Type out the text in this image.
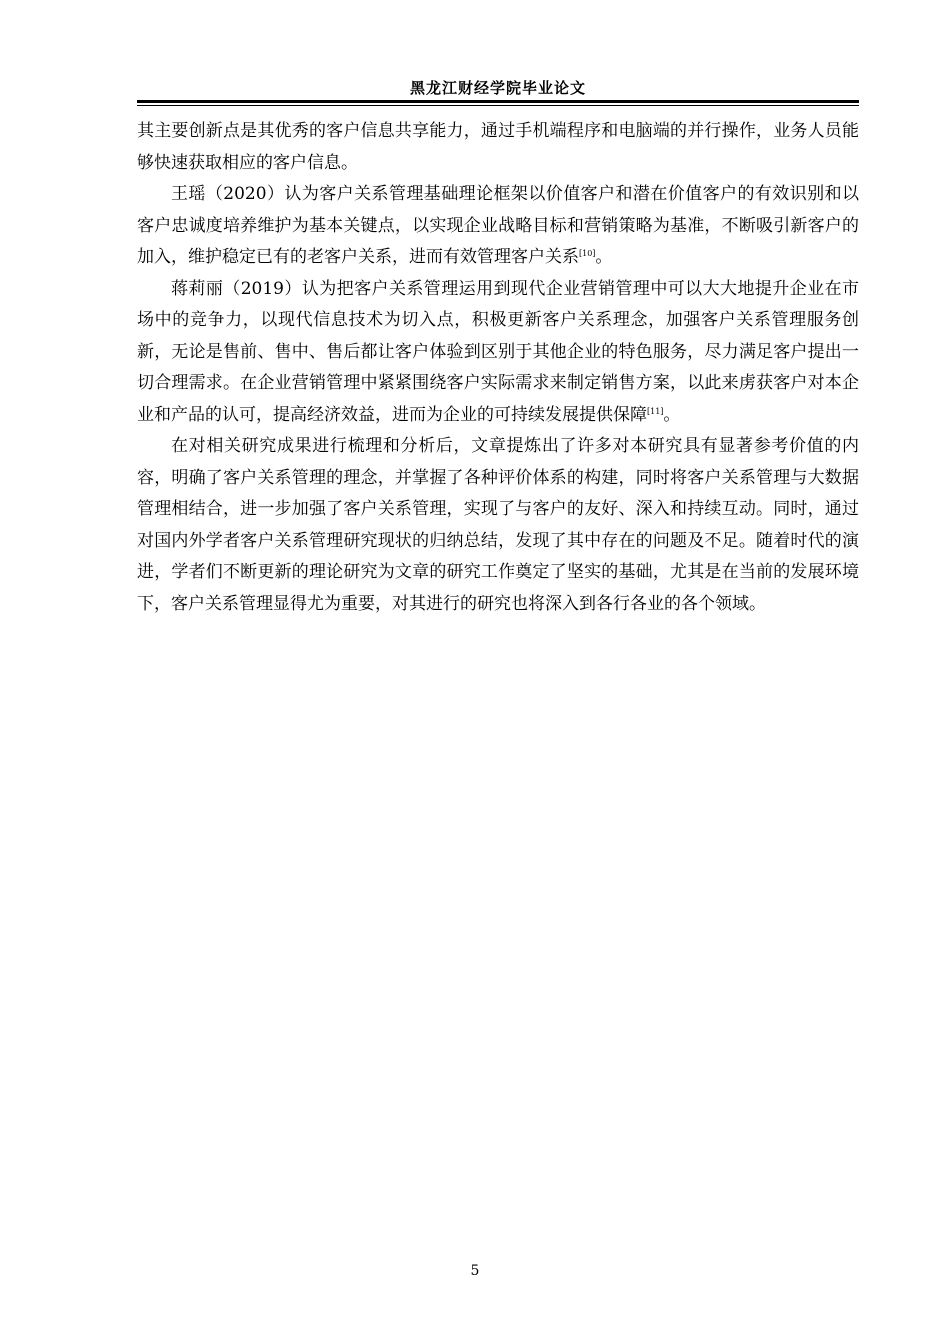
黑龙江财经学院毕业论文

其主要创新点是其优秀的客户信息共享能力，通过手机端程序和电脑端的并行操作，业务人员能够快速获取相应的客户信息。

王瑶（2020）认为客户关系管理基础理论框架以价值客户和潜在价值客户的有效识别和以客户忠诚度培养维护为基本关键点，以实现企业战略目标和营销策略为基准，不断吸引新客户的加入，维护稳定已有的老客户关系，进而有效管理客户关系[10]。

蒋莉丽（2019）认为把客户关系管理运用到现代企业营销管理中可以大大地提升企业在市场中的竞争力，以现代信息技术为切入点，积极更新客户关系理念，加强客户关系管理服务创新，无论是售前、售中、售后都让客户体验到区别于其他企业的特色服务，尽力满足客户提出一切合理需求。在企业营销管理中紧紧围绕客户实际需求来制定销售方案，以此来虏获客户对本企业和产品的认可，提高经济效益，进而为企业的可持续发展提供保障[11]。

在对相关研究成果进行梳理和分析后，文章提炼出了许多对本研究具有显著参考价值的内容，明确了客户关系管理的理念，并掌握了各种评价体系的构建，同时将客户关系管理与大数据管理相结合，进一步加强了客户关系管理，实现了与客户的友好、深入和持续互动。同时，通过对国内外学者客户关系管理研究现状的归纳总结，发现了其中存在的问题及不足。随着时代的演进，学者们不断更新的理论研究为文章的研究工作奠定了坚实的基础，尤其是在当前的发展环境下，客户关系管理显得尤为重要，对其进行的研究也将深入到各行各业的各个领域。

5
